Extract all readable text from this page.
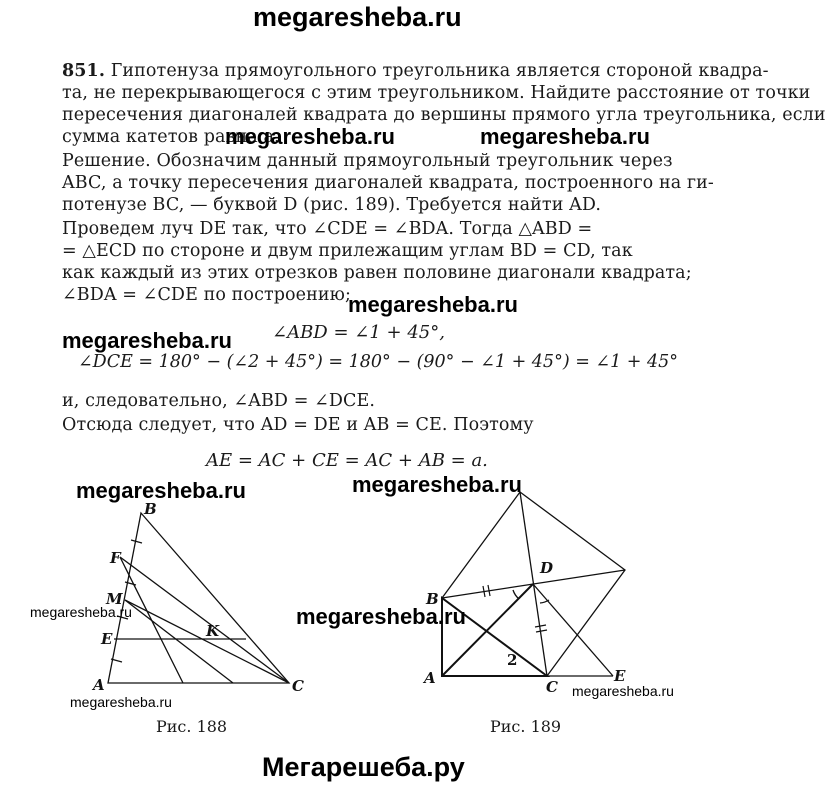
megaresheba.ru
851. Гипотенуза прямоугольного треугольника является стороной квадра-
та, не перекрывающегося с этим треугольником. Найдите расстояние от точки
пересечения диагоналей квадрата до вершины прямого угла треугольника, если
сумма катетов равна a.
megaresheba.ru	megaresheba.ru
Решение. Обозначим данный прямоугольный треугольник через
ABC, а точку пересечения диагоналей квадрата, построенного на ги-
потенузе BC, — буквой D (рис. 189). Требуется найти AD.
Проведем луч DE так, что ∠CDE = ∠BDA. Тогда △ABD =
= △ECD по стороне и двум прилежащим углам BD = CD, так
как каждый из этих отрезков равен половине диагонали квадрата;
∠BDA = ∠CDE по построению;
megaresheba.ru
megaresheba.ru ∠ABD = ∠1 + 45°,
∠DCE = 180° − (∠2 + 45°) = 180° − (90° − ∠1 + 45°) = ∠1 + 45°
и, следовательно, ∠ABD = ∠DCE.
Отсюда следует, что AD = DE и AB = CE. Поэтому
AE = AC + CE = AC + AB = a.
megaresheba.ru	megaresheba.ru
B
F
M
E
A
K
C
megaresheba.ru
megaresheba.ru
Рис. 188
B
D
A	C
E
2
megaresheba.ru
megaresheba.ru
Рис. 189
Мегарешеба.ру
